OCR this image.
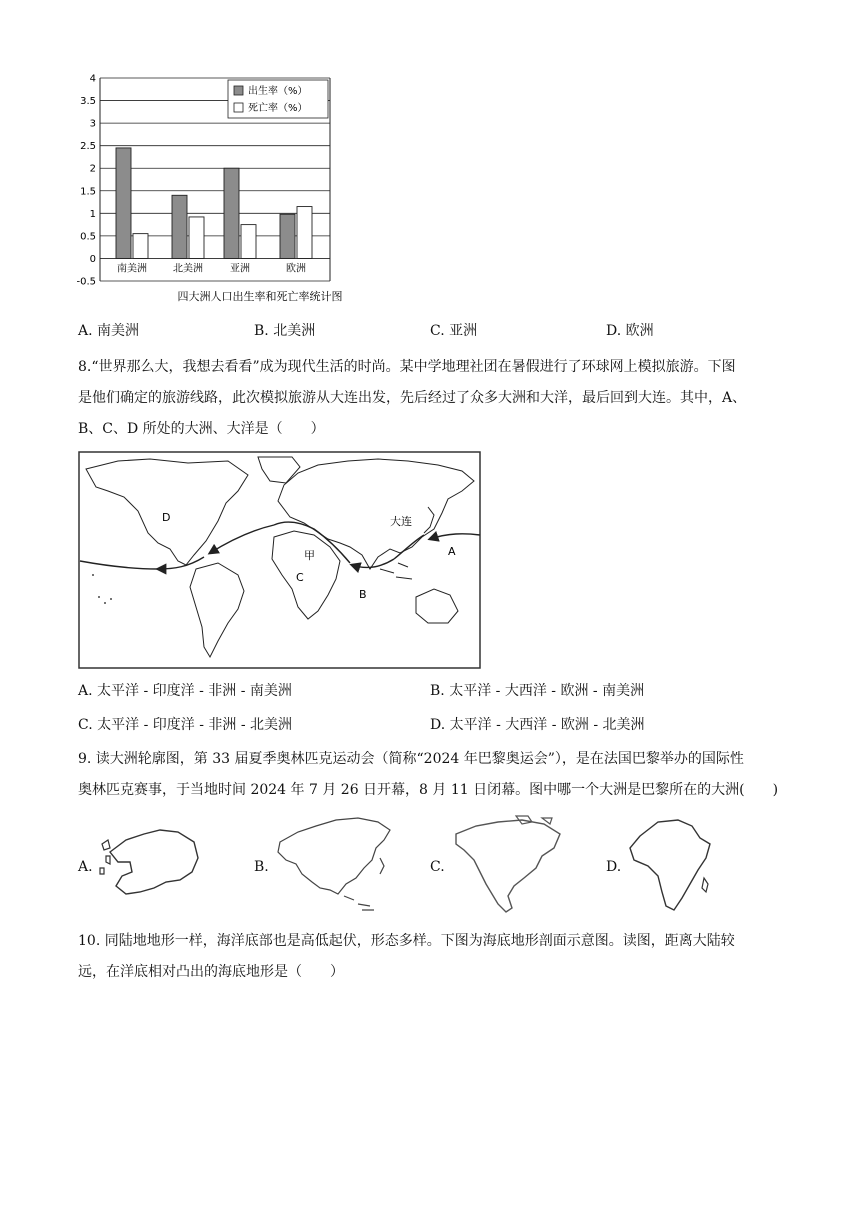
4
3.5
3
2.5
2
1.5
1
0.5
0
-0.5
南美洲	北美洲	亚洲	欧洲
出生率（%）
死亡率（%）
四大洲人口出生率和死亡率统计图
A. 南美洲	B. 北美洲	C. 亚洲	D. 欧洲
8.“世界那么大，我想去看看”成为现代生活的时尚。某中学地理社团在暑假进行了环球网上模拟旅游。下图
是他们确定的旅游线路，此次模拟旅游从大连出发，先后经过了众多大洲和大洋，最后回到大连。其中，A、
B、C、D 所处的大洲、大洋是（　　）
大连
A
B
C
D
甲
A. 太平洋 - 印度洋 - 非洲 - 南美洲	B. 太平洋 - 大西洋 - 欧洲 - 南美洲
C. 太平洋 - 印度洋 - 非洲 - 北美洲	D. 太平洋 - 大西洋 - 欧洲 - 北美洲
9. 读大洲轮廓图，第 33 届夏季奥林匹克运动会（简称“2024 年巴黎奥运会”），是在法国巴黎举办的国际性
奥林匹克赛事，于当地时间 2024 年 7 月 26 日开幕，8 月 11 日闭幕。图中哪一个大洲是巴黎所在的大洲(　　)
A.	B.	C.	D.
10. 同陆地地形一样，海洋底部也是高低起伏，形态多样。下图为海底地形剖面示意图。读图，距离大陆较
远，在洋底相对凸出的海底地形是（　　）
